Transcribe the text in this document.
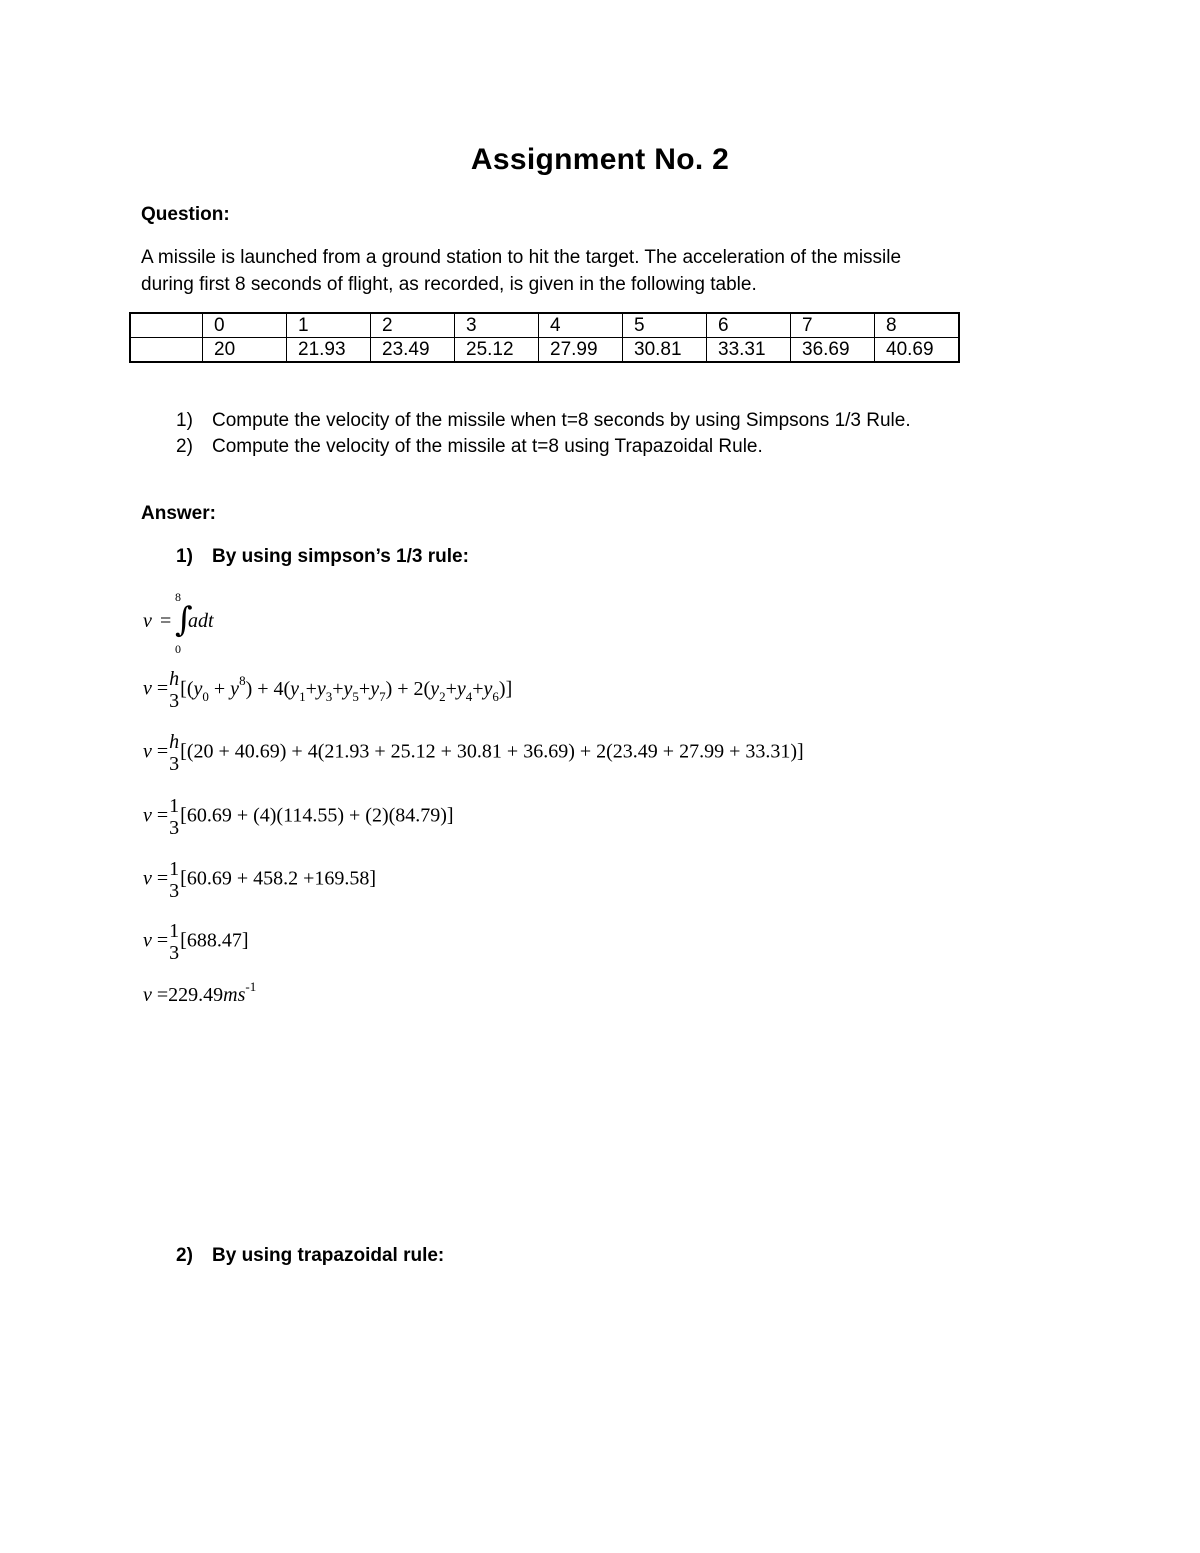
Assignment No. 2
Question:
A missile is launched from a ground station to hit the target. The acceleration of the missile
during first 8 seconds of flight, as recorded, is given in the following table.
	0	1	2	3	4	5	6	7	8
	20	21.93	23.49	25.12	27.99	30.81	33.31	36.69	40.69
1) Compute the velocity of the missile when t=8 seconds by using Simpsons 1/3 Rule.
2) Compute the velocity of the missile at t=8 using Trapazoidal Rule.
Answer:
1) By using simpson’s 1/3 rule:
8
v = ∫
adt
0
v = h
3
$[(y_0 + y^8) + 4(y_1+y_3+y_5+y_7) + 2(y_2+y_4+y_6)]$
v = h
3
[(20 + 40.69) + 4(21.93 + 25.12 + 30.81 + 36.69) + 2(23.49 + 27.99 + 33.31)]
v = 1
3
[60.69 + (4)(114.55) + (2)(84.79)]
v = 1
3
[60.69 + 458.2 +169.58]
v = 1
3
[688.47]
$v =229.49ms^{-1}$
2) By using trapazoidal rule:
